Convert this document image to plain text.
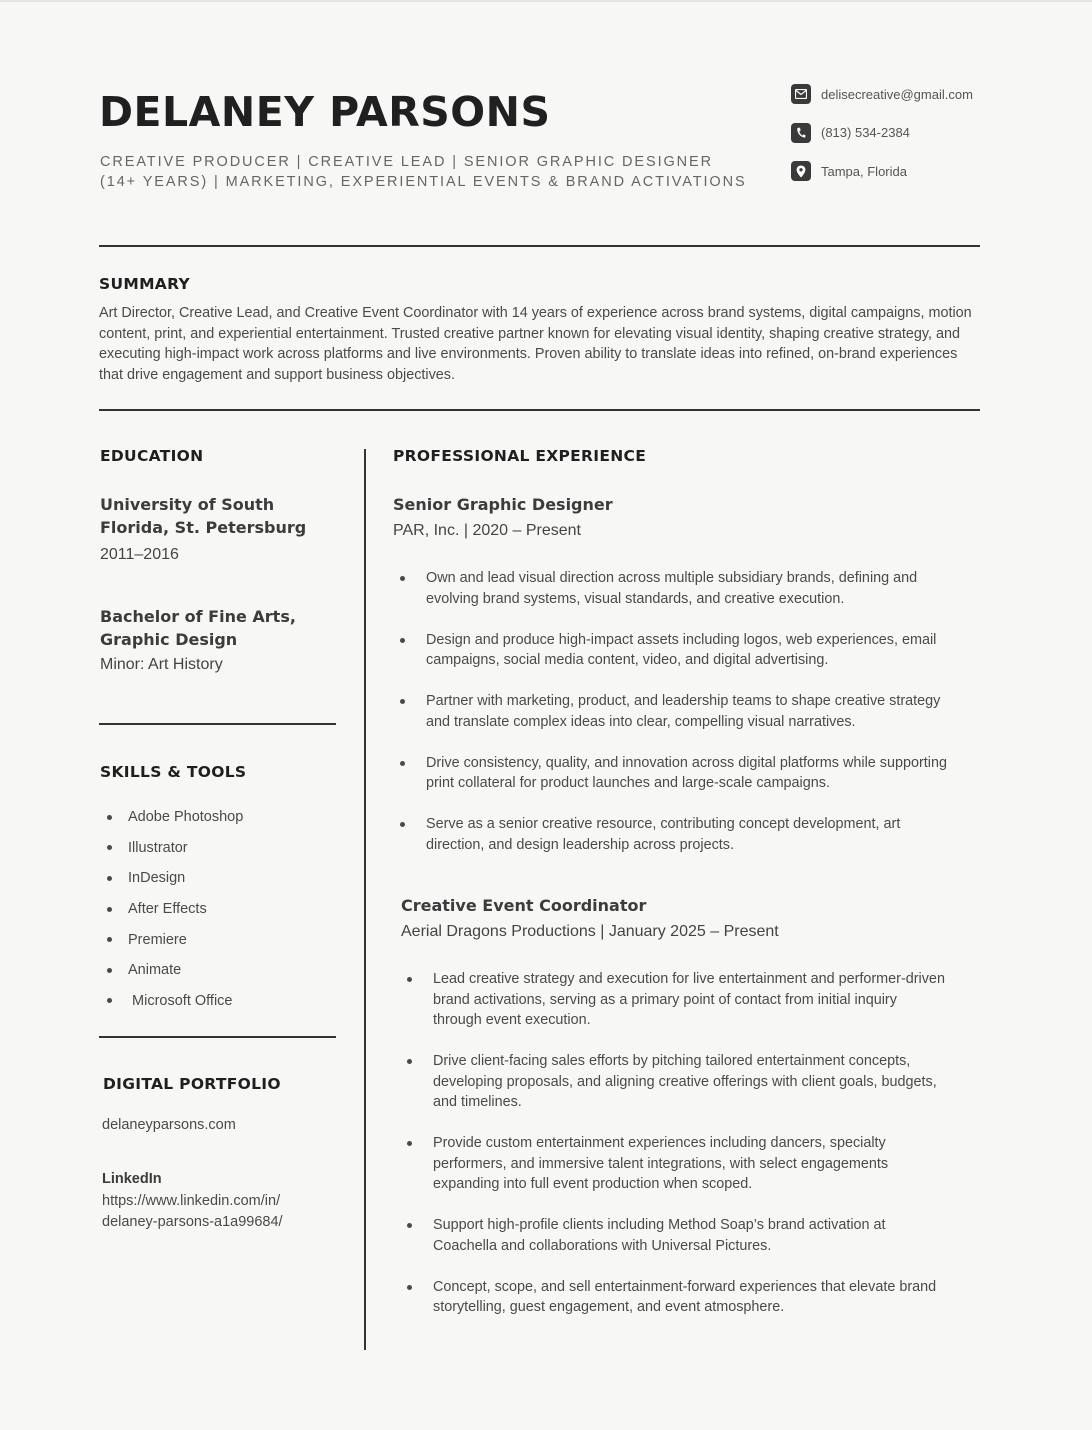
DELANEY PARSONS
CREATIVE PRODUCER | CREATIVE LEAD | SENIOR GRAPHIC DESIGNER
(14+ YEARS) | MARKETING, EXPERIENTIAL EVENTS & BRAND ACTIVATIONS
delisecreative@gmail.com
(813) 534-2384
Tampa, Florida
SUMMARY

Art Director, Creative Lead, and Creative Event Coordinator with 14 years of experience across brand systems, digital campaigns, motion content, print, and experiential entertainment. Trusted creative partner known for elevating visual identity, shaping creative strategy, and executing high-impact work across platforms and live environments. Proven ability to translate ideas into refined, on-brand experiences that drive engagement and support business objectives.

EDUCATION

University of South Florida, St. Petersburg

2011–2016

Bachelor of Fine Arts, Graphic Design

Minor: Art History
SKILLS & TOOLS
Adobe Photoshop
Illustrator
InDesign
After Effects
Premiere
Animate
Microsoft Office
DIGITAL PORTFOLIO
delaneyparsons.com
LinkedIn
https://www.linkedin.com/in/
delaney-parsons-a1a99684/
PROFESSIONAL EXPERIENCE
Senior Graphic Designer
PAR, Inc. | 2020 – Present
Own and lead visual direction across multiple subsidiary brands, defining and evolving brand systems, visual standards, and creative execution.
Design and produce high-impact assets including logos, web experiences, email campaigns, social media content, video, and digital advertising.
Partner with marketing, product, and leadership teams to shape creative strategy and translate complex ideas into clear, compelling visual narratives.
Drive consistency, quality, and innovation across digital platforms while supporting print collateral for product launches and large-scale campaigns.
Serve as a senior creative resource, contributing concept development, art direction, and design leadership across projects.
Creative Event Coordinator
Aerial Dragons Productions | January 2025 – Present
Lead creative strategy and execution for live entertainment and performer-driven brand activations, serving as a primary point of contact from initial inquiry through event execution.
Drive client-facing sales efforts by pitching tailored entertainment concepts, developing proposals, and aligning creative offerings with client goals, budgets, and timelines.
Provide custom entertainment experiences including dancers, specialty performers, and immersive talent integrations, with select engagements expanding into full event production when scoped.
Support high-profile clients including Method Soap’s brand activation at Coachella and collaborations with Universal Pictures.
Concept, scope, and sell entertainment-forward experiences that elevate brand storytelling, guest engagement, and event atmosphere.
